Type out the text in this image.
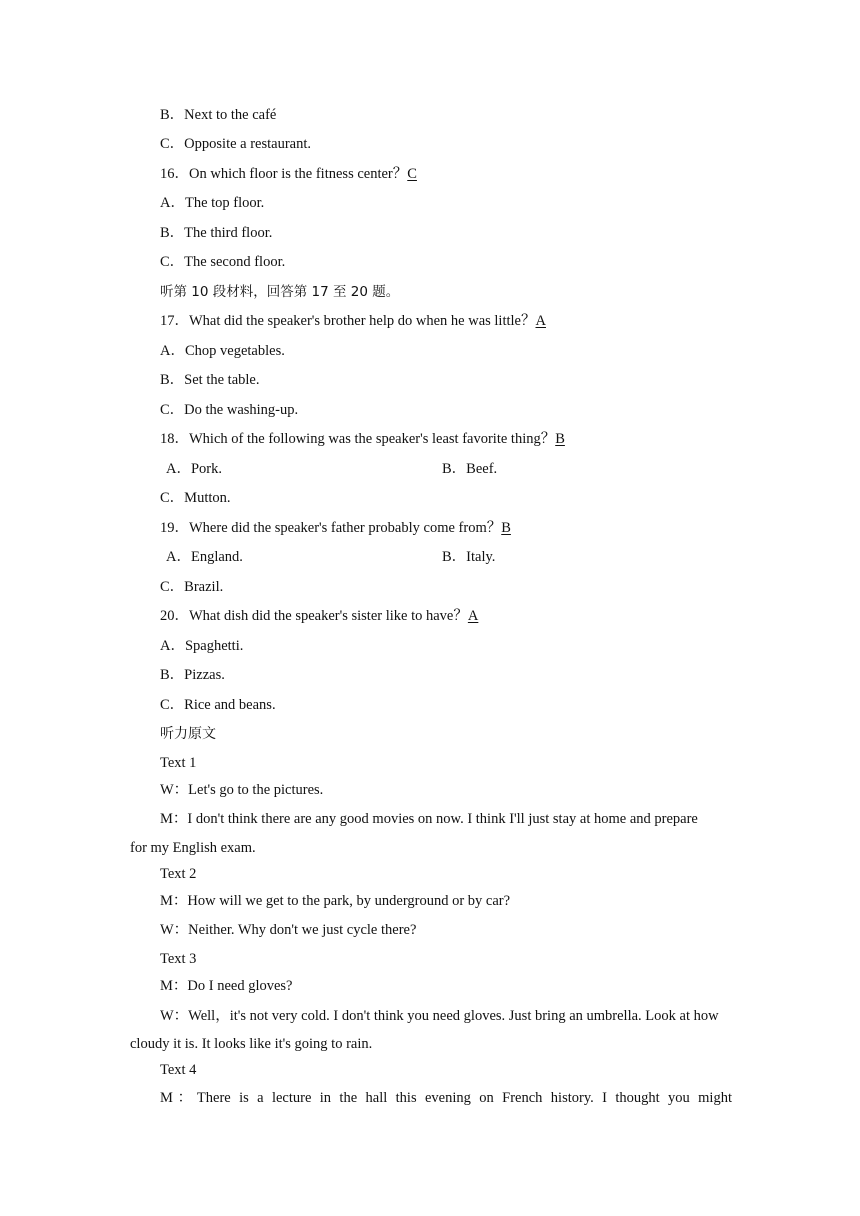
B．Next to the café
C．Opposite a restaurant.
16．On which floor is the fitness center？C
A．The top floor.
B．The third floor.
C．The second floor.
听第 10 段材料，回答第 17 至 20 题。
17．What did the speaker's brother help do when he was little？A
A．Chop vegetables.
B．Set the table.
C．Do the washing-up.
18．Which of the following was the speaker's least favorite thing？B
A．Pork.	B．Beef.
C．Mutton.
19．Where did the speaker's father probably come from？B
A．England.	B．Italy.
C．Brazil.
20．What dish did the speaker's sister like to have？A
A．Spaghetti.
B．Pizzas.
C．Rice and beans.
听力原文
Text 1
W：Let's go to the pictures.
M：I don't think there are any good movies on now. I think I'll just stay at home and prepare
for my English exam.
Text 2
M：How will we get to the park, by underground or by car?
W：Neither. Why don't we just cycle there?
Text 3
M：Do I need gloves?
W：Well，it's not very cold. I don't think you need gloves. Just bring an umbrella. Look at how
cloudy it is. It looks like it's going to rain.
Text 4
M：There is a lecture in the hall this evening on French history. I thought you might
